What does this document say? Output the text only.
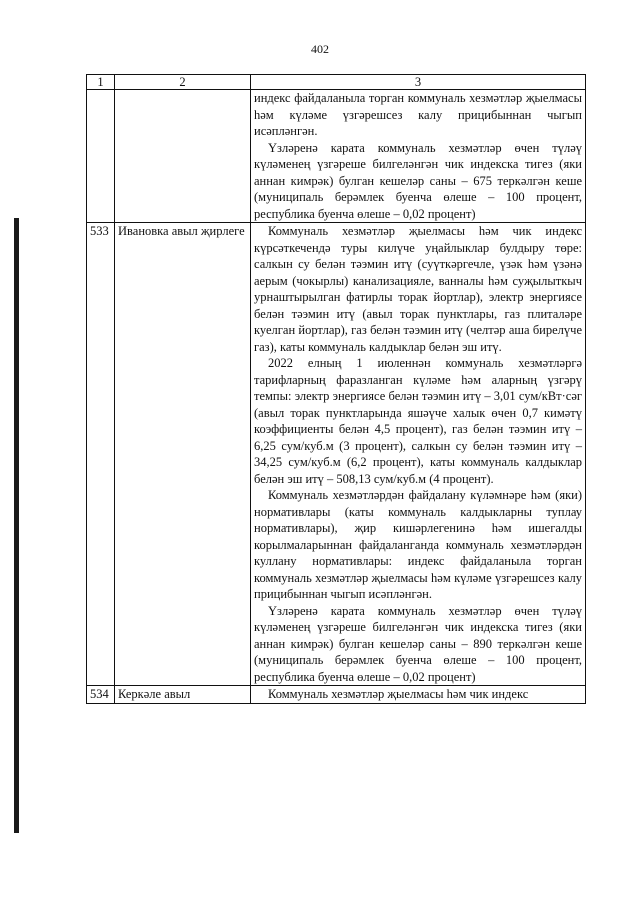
402
1	2	3

		индекс файдаланыла торган коммуналь хезмәтләр җыелмасы һәм күләме үзгәрешсез калу прицибыннан чыгып исәпләнгән.

Үзләренә карата коммуналь хезмәтләр өчен түләү күләменең үзгәреше билгеләнгән чик индекска тигез (яки аннан кимрәк) булган кешеләр саны – 675 теркәлгән кеше (муниципаль берәмлек буенча өлеше – 100 процент, республика буенча өлеше – 0,02 процент)

533	Ивановка авыл җирлеге	Коммуналь хезмәтләр җыелмасы һәм чик индекс күрсәткечендә туры килүче уңайлыклар булдыру төре: салкын су белән тәэмин итү (суүткәргечле, үзәк һәм үзәнә аерым (чокырлы) канализацияле, ванналы һәм суҗылыткыч урнаштырылган фатирлы торак йортлар), электр энергиясе белән тәэмин итү (авыл торак пунктлары, газ плиталәре куелган йортлар), газ белән тәэмин итү (челтәр аша бирелүче газ), каты коммуналь калдыклар белән эш итү.

2022 елның 1 июленнән коммуналь хезмәтләргә тарифларның фаразланган күләме һәм аларның үзгәрү темпы: электр энергиясе белән тәэмин итү – 3,01 сум/кВт·сәг (авыл торак пунктларында яшәүче халык өчен 0,7 кимәтү коэффициенты белән 4,5 процент), газ белән тәэмин итү – 6,25 сум/куб.м (3 процент), салкын су белән тәэмин итү – 34,25 сум/куб.м (6,2 процент), каты коммуналь калдыклар белән эш итү – 508,13 сум/куб.м (4 процент).

Коммуналь хезмәтләрдән файдалану күләмнәре һәм (яки) нормативлары (каты коммуналь калдыкларны туплау нормативлары), җир кишәрлегенинә һәм ишегалды корылмаларыннан файдаланганда коммуналь хезмәтләрдән куллану нормативлары: индекс файдаланыла торган коммуналь хезмәтләр җыелмасы һәм күләме үзгәрешсез калу прицибыннан чыгып исәпләнгән.

Үзләренә карата коммуналь хезмәтләр өчен түләү күләменең үзгәреше билгеләнгән чик индекска тигез (яки аннан кимрәк) булган кешеләр саны – 890 теркәлгән кеше (муниципаль берәмлек буенча өлеше – 100 процент, республика буенча өлеше – 0,02 процент)

534	Керкәле авыл	Коммуналь хезмәтләр җыелмасы һәм чик индекс
